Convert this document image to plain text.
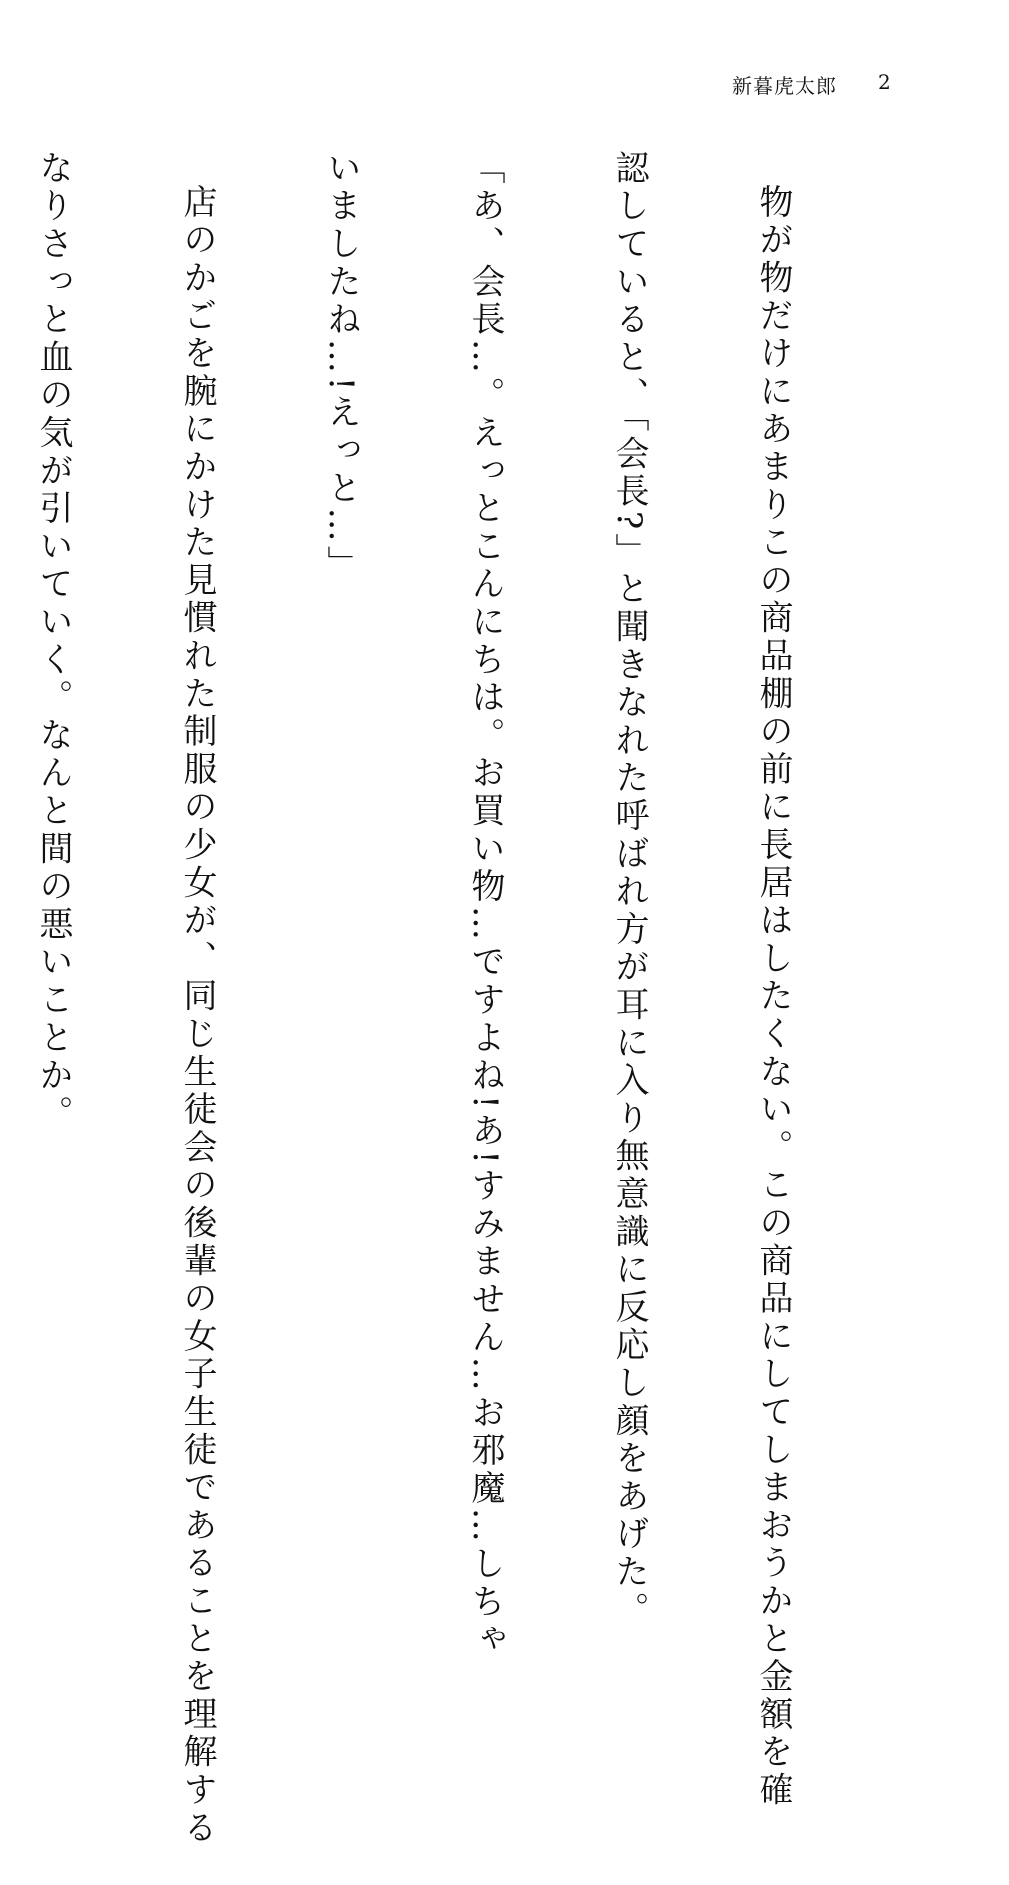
新暮虎太郎 2

物が物だけにあまりこの商品棚の前に長居はしたくない。この商品にしてしまおうかと金額を確

認していると、「会長?」と聞きなれた呼ばれ方が耳に入り無意識に反応し顔をあげた。

「あ、会長…。えっとこんにちは。お買い物…ですよね!あ!すみません…お邪魔…しちゃ

いましたね…!えっと…」

店のかごを腕にかけた見慣れた制服の少女が、同じ生徒会の後輩の女子生徒であることを理解する

なりさっと血の気が引いていく。なんと間の悪いことか。
